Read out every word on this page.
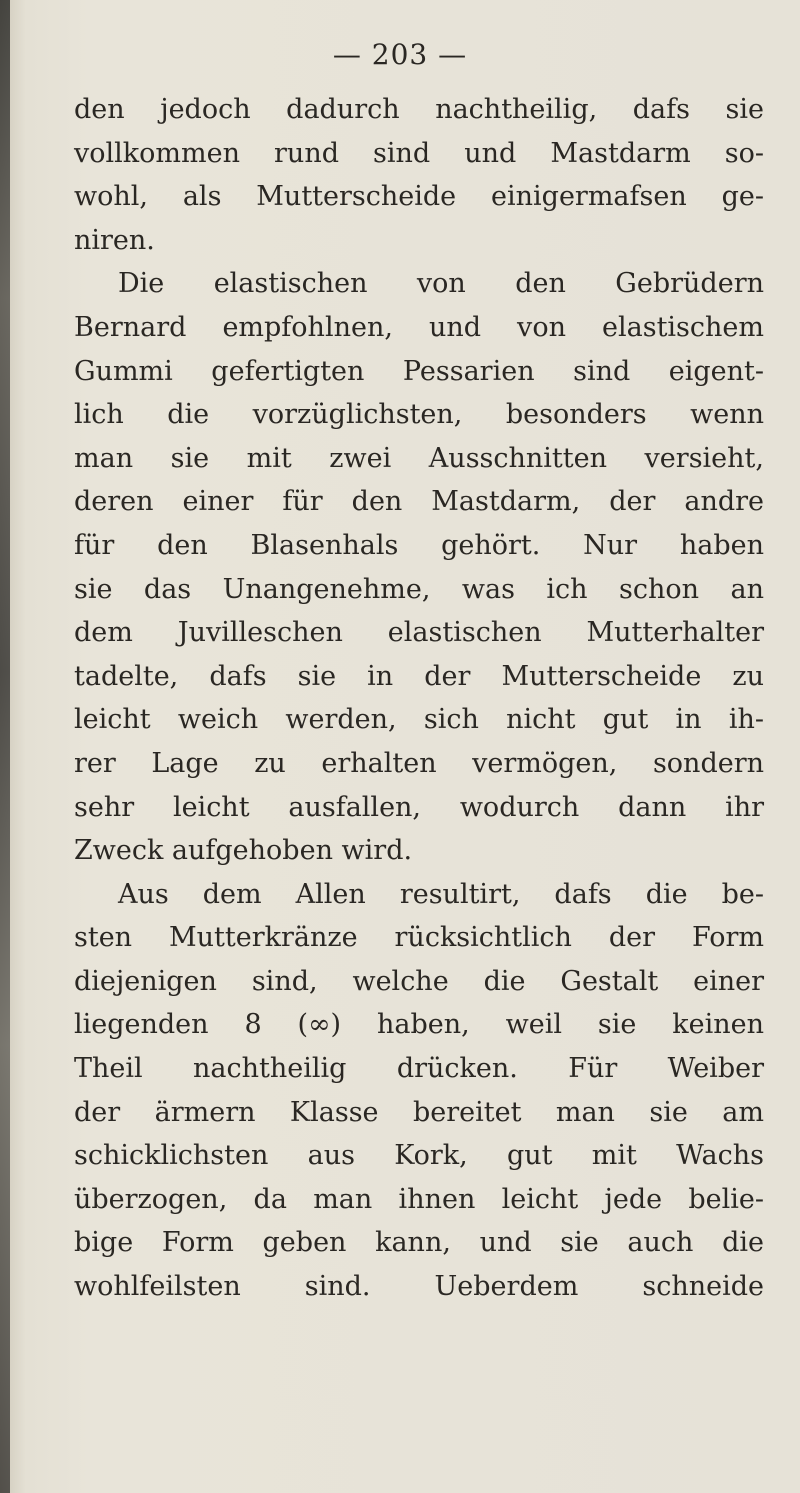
— 203 —
den jedoch dadurch nachtheilig, dafs sie
vollkommen rund sind und Mastdarm so-
wohl, als Mutterscheide einigermafsen ge-
niren.
Die elastischen von den Gebrüdern
Bernard empfohlnen, und von elastischem
Gummi gefertigten Pessarien sind eigent-
lich die vorzüglichsten, besonders wenn
man sie mit zwei Ausschnitten versieht,
deren einer für den Mastdarm, der andre
für den Blasenhals gehört. Nur haben
sie das Unangenehme, was ich schon an
dem Juvilleschen elastischen Mutterhalter
tadelte, dafs sie in der Mutterscheide zu
leicht weich werden, sich nicht gut in ih-
rer Lage zu erhalten vermögen, sondern
sehr leicht ausfallen, wodurch dann ihr
Zweck aufgehoben wird.
Aus dem Allen resultirt, dafs die be-
sten Mutterkränze rücksichtlich der Form
diejenigen sind, welche die Gestalt einer
liegenden 8 (∞) haben, weil sie keinen
Theil nachtheilig drücken. Für Weiber
der ärmern Klasse bereitet man sie am
schicklichsten aus Kork, gut mit Wachs
überzogen, da man ihnen leicht jede belie-
bige Form geben kann, und sie auch die
wohlfeilsten sind. Ueberdem schneide
